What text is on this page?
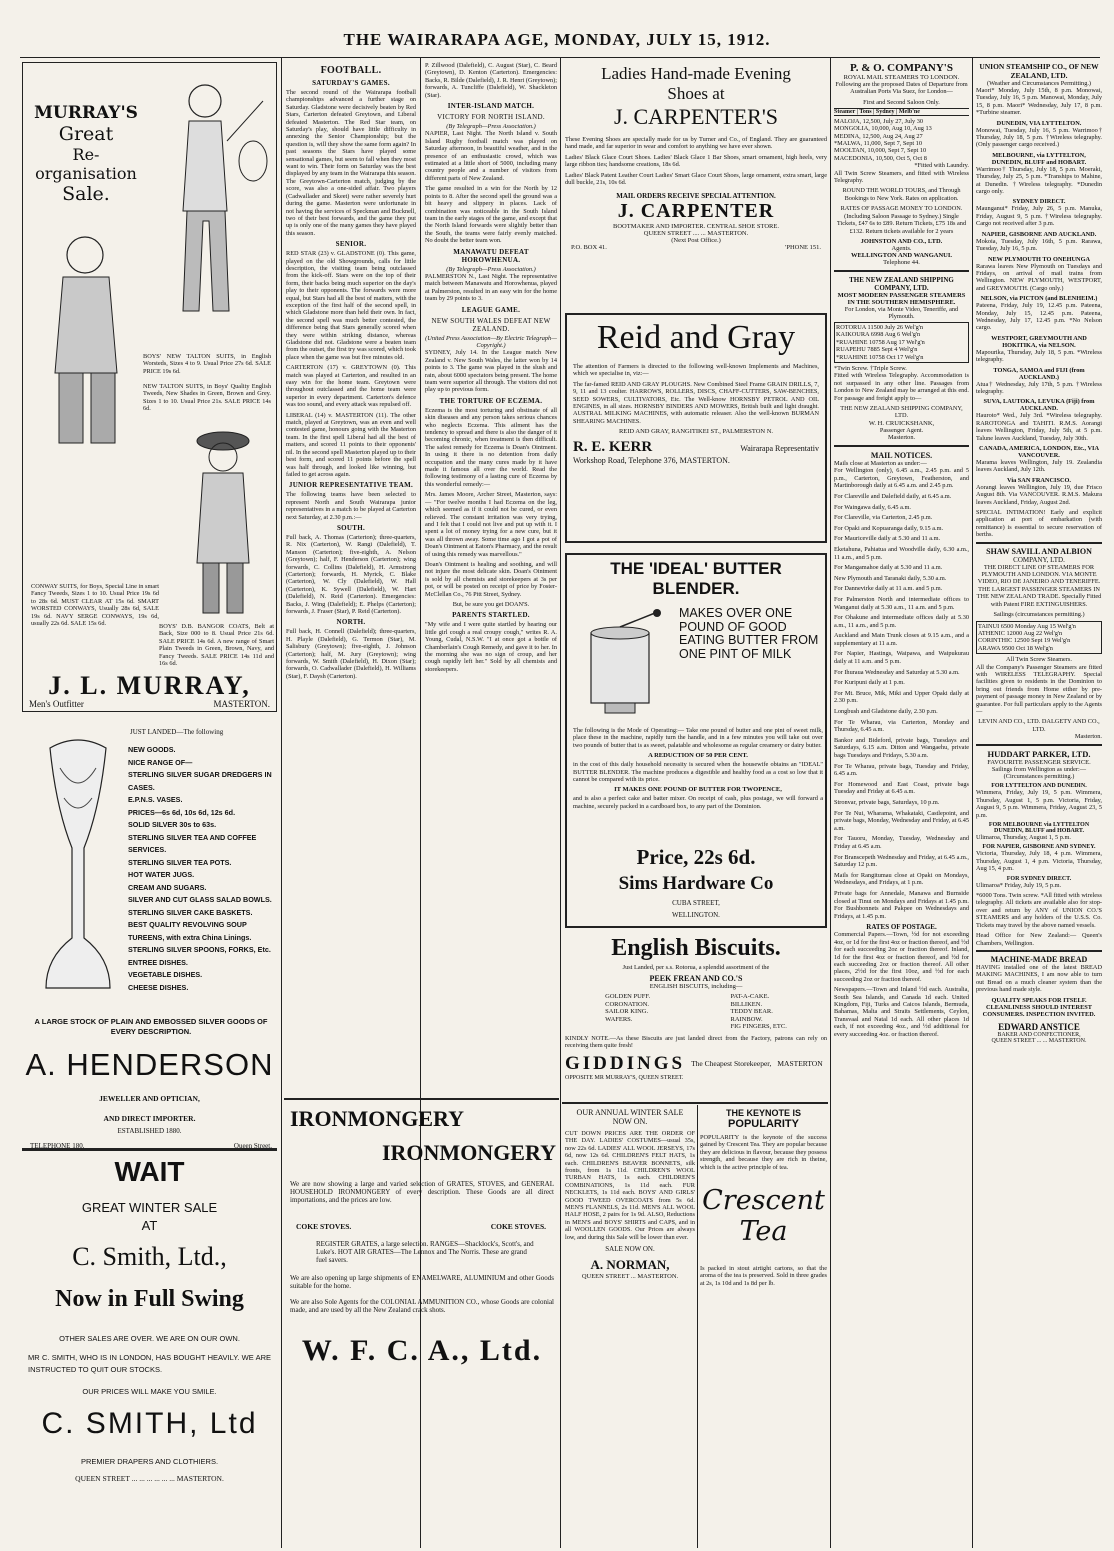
THE WAIRARAPA AGE, MONDAY, JULY 15, 1912.
MURRAY'S
Great
Re-organisation
Sale.
BOYS' NEW TALTON SUITS, in English Worsteds, Sizes 4 to 9. Usual Price 27s 6d. SALE PRICE 19s 6d.
NEW TALTON SUITS, in Boys' Quality English Tweeds, New Shades in Green, Brown and Grey. Sizes 1 to 10. Usual Price 21s. SALE PRICE 14s 6d.
CONWAY SUITS, for Boys, Special Line in smart Fancy Tweeds, Sizes 1 to 10. Usual Price 19s 6d to 28s 6d. MUST CLEAR AT 15s 6d. SMART WORSTED CONWAYS, Usually 28s 6d, SALE 19s 6d. NAVY SERGE CONWAYS, 19s 6d, usually 22s 6d. SALE 15s 6d.	BOYS' D.B. BANGOR COATS, Belt at Back, Size 000 to 8. Usual Price 21s 6d. SALE PRICE 14s 6d. A new range of Smart Plain Tweeds in Green, Brown, Navy, and Fancy Tweeds. SALE PRICE 14s 11d and 16s 6d.
J. L. MURRAY,
Men's Outfitter	MASTERTON.
JUST LANDED—The following
NEW GOODS.
NICE RANGE OF—
STERLING SILVER SUGAR DREDGERS IN CASES.
E.P.N.S. VASES.
PRICES—6s 6d, 10s 6d, 12s 6d.
SOLID SILVER 30s to 63s.
STERLING SILVER TEA AND COFFEE SERVICES.
STERLING SILVER TEA POTS.
HOT WATER JUGS.
CREAM AND SUGARS.
SILVER AND CUT GLASS SALAD BOWLS.
STERLING SILVER CAKE BASKETS.
BEST QUALITY REVOLVING SOUP TUREENS, with extra China Linings.
STERLING SILVER SPOONS, FORKS, Etc.
ENTREE DISHES.
VEGETABLE DISHES.
CHEESE DISHES.
A LARGE STOCK OF PLAIN AND EMBOSSED SILVER GOODS OF EVERY DESCRIPTION.
A. HENDERSON
JEWELLER AND OPTICIAN,
AND DIRECT IMPORTER.
ESTABLISHED 1880.
TELEPHONE 180.	Queen Street.
WAIT
GREAT WINTER SALE
AT
C. Smith, Ltd.,
Now in Full Swing
OTHER SALES ARE OVER. WE ARE ON OUR OWN.
MR C. SMITH, WHO IS IN LONDON, HAS BOUGHT HEAVILY. WE ARE INSTRUCTED TO QUIT OUR STOCKS.
OUR PRICES WILL MAKE YOU SMILE.
C. SMITH, Ltd
PREMIER DRAPERS AND CLOTHIERS.
QUEEN STREET ... ... ... ... ... ... MASTERTON.
FOOTBALL.
SATURDAY'S GAMES.

The second round of the Wairarapa football championships advanced a further stage on Saturday. Gladstone were decisively beaten by Red Stars, Carterton defeated Greytown, and Liberal defeated Masterton. The Red Star team, on Saturday's play, should have little difficulty in annexing the Senior Championship; but the question is, will they show the same form again? In past seasons the Stars have played some sensational games, but seem to fall when they most want to win. Their form on Saturday was the best displayed by any team in the Wairarapa this season. The Greytown-Carterton match, judging by the score, was also a one-sided affair. Two players (Cadwallader and Skeet) were rather severely hurt during the game. Masterton were unfortunate in not having the services of Speckman and Bucknell, two of their best forwards, and the game they put up is only one of the many games they have played this season.

SENIOR.

RED STAR (23) v. GLADSTONE (0). This game, played on the old Showgrounds, calls for little description, the visiting team being outclassed from the kick-off. Stars were on the top of their form, their backs being much superior on the day's play to their opponents. The forwards were more equal, but Stars had all the best of matters, with the exception of the first half of the second spell, in which Gladstone more than held their own. In fact, the second spell was much better contested, the difference being that Stars generally scored when they were within striking distance, whereas Gladstone did not. Gladstone were a beaten team from the outset, the first try was scored, which took place when the game was but five minutes old.

CARTERTON (17) v. GREYTOWN (0). This match was played at Carterton, and resulted in an easy win for the home team. Greytown were throughout outclassed and the home team were superior in every department. Carterton's defence was too sound, and every attack was repulsed off.

LIBERAL (14) v. MASTERTON (11). The other match, played at Greytown, was an even and well contested game, honours going with the Masterton team. In the first spell Liberal had all the best of matters, and scored 11 points to their opponents' nil. In the second spell Masterton played up to their best form, and scored 11 points before the spell was half through, and looked like winning, but failed to get across again.

JUNIOR REPRESENTATIVE TEAM.

The following teams have been selected to represent North and South Wairarapa junior representatives in a match to be played at Carterton next Saturday, at 2.30 p.m.:—

SOUTH.

Full back, A. Thomas (Carterton); three-quarters, R. Nix (Carterton), W. Rangi (Dalefield), T. Manson (Carterton); five-eighth, A. Nelson (Greytown); half, F. Henderson (Carterton); wing forwards, C. Collins (Dalefield), H. Armstrong (Carterton); forwards, H. Myrick, C. Blake (Carterton), W. Cly (Dalefield), W. Hall (Carterton), K. Sywell (Dalefield), W. Hart (Dalefield), N. Reid (Carterton). Emergencies: Backs, J. Wing (Dalefield); E. Phelps (Carterton); forwards, J. Fraser (Star), P. Reid (Carterton).

NORTH.

Full back, H. Connell (Dalefield); three-quarters, H. Playle (Dalefield), G. Termon (Star), M. Salisbury (Greytown); five-eighth, J. Johnson (Carterton); half, M. Jury (Greytown); wing forwards, W. Smith (Dalefield), H. Dixon (Star); forwards, O. Cadwallader (Dalefield), H. Williams (Star), F. Daysh (Carterton).

P. Zillwood (Dalefield), C. August (Star), C. Beard (Greytown), D. Kenton (Carterton). Emergencies: Backs, R. Bilde (Dalefield), J. R. Henri (Greytown); forwards, A. Tuncliffe (Dalefield), W. Shackleton (Star).

INTER-ISLAND MATCH.
VICTORY FOR NORTH ISLAND.
(By Telegraph—Press Association.)

NAPIER, Last Night. The North Island v. South Island Rugby football match was played on Saturday afternoon, in beautiful weather, and in the presence of an enthusiastic crowd, which was estimated at a little short of 5000, including many country people and a number of visitors from different parts of New Zealand.

The game resulted in a win for the North by 12 points to 8. After the second spell the ground was a bit heavy and slippery in places. Lack of combination was noticeable in the South Island team in the early stages of the game, and except that the North Island forwards were slightly better than the South, the teams were fairly evenly matched. No doubt the better team won.

MANAWATU DEFEAT HOROWHENUA.
(By Telegraph—Press Association.)

PALMERSTON N., Last Night. The representative match between Manawatu and Horowhenua, played at Palmerston, resulted in an easy win for the home team by 29 points to 3.

LEAGUE GAME.
NEW SOUTH WALES DEFEAT NEW ZEALAND.
(United Press Association—By Electric Telegraph—Copyright.)

SYDNEY, July 14. In the League match New Zealand v. New South Wales, the latter won by 14 points to 3. The game was played in the slush and rain, about 6000 spectators being present. The home team were superior all through. The visitors did not play up to previous form.

THE TORTURE OF ECZEMA.

Eczema is the most torturing and obstinate of all skin diseases and any person takes serious chances who neglects Eczema. This ailment has the tendency to spread and there is also the danger of it becoming chronic, when treatment is then difficult. The safest remedy for Eczema is Doan's Ointment. In using it there is no detention from daily occupation and the many cures made by it have made it famous all over the world. Read the following testimony of a lasting cure of Eczema by this wonderful remedy:—

Mrs. James Moore, Archer Street, Masterton, says:— "For twelve months I had Eczema on the leg, which seemed as if it could not be cured, or even relieved. The constant irritation was very trying, and I felt that I could not live and put up with it. I spent a lot of money trying for a new cure, but it was all thrown away. Some time ago I got a pot of Doan's Ointment at Eaton's Pharmacy, and the result of using this remedy was marvellous."

Doan's Ointment is healing and soothing, and will not injure the most delicate skin. Doan's Ointment is sold by all chemists and storekeepers at 3s per pot, or will be posted on receipt of price by Foster-McClellan Co., 76 Pitt Street, Sydney.

But, be sure you get DOAN'S.

PARENTS STARTLED.

"My wife and I were quite startled by hearing our little girl cough a real croupy cough," writes R. A. Young, Cudal, N.S.W. "I at once got a bottle of Chamberlain's Cough Remedy, and gave it to her. In the morning she was no sign of croup, and her cough rapidly left her." Sold by all chemists and storekeepers.

IRONMONGERY
IRONMONGERY
We are now showing a large and varied selection of GRATES, STOVES, and GENERAL HOUSEHOLD IRONMONGERY of every description. These Goods are all direct importations, and the prices are low.
COKE STOVES.	COKE STOVES.
REGISTER GRATES, a large selection. RANGES—Shacklock's, Scott's, and Luke's. HOT AIR GRATES—The Lennox and The Norris. These are grand fuel savers.
We are also opening up large shipments of ENAMELWARE, ALUMINIUM and other Goods suitable for the home.
We are also Sole Agents for the COLONIAL AMMUNITION CO., whose Goods are colonial made, and are used by all the New Zealand crack shots.
W. F. C. A., Ltd.
Ladies Hand-made Evening
Shoes at
J. CARPENTER'S

These Evening Shoes are specially made for us by Turner and Co., of England. They are guaranteed hand made, and far superior in wear and comfort to anything we have ever shown.

Ladies' Black Glace Court Shoes. Ladies' Black Glace 1 Bar Shoes, smart ornament, high heels, very large ribbon ties; handsome creations, 18s 6d.

Ladies' Black Patent Leather Court Ladies' Smart Glace Court Shoes, large ornament, extra smart, large dull buckle, 21s, 10s 6d.

MAIL ORDERS RECEIVE SPECIAL ATTENTION.
J. CARPENTER
BOOTMAKER AND IMPORTER. CENTRAL SHOE STORE.
QUEEN STREET .... ... MASTERTON.
(Next Post Office.)
P.O. BOX 41.	'PHONE 151.
Reid and Gray

The attention of Farmers is directed to the following well-known Implements and Machines, which we specialise in, viz:—

The far-famed REID AND GRAY PLOUGHS. New Combined Steel Frame GRAIN DRILLS, 7, 9, 11 and 13 coulter. HARROWS, ROLLERS, DISCS, CHAFF-CUTTERS, SAW-BENCHES, SEED SOWERS, CULTIVATORS, Etc. The Well-know HORNSBY PETROL AND OIL ENGINES, in all sizes. HORNSBY BINDERS AND MOWERS, British built and light draught. AUSTRAL MILKING MACHINES, with automatic releaser. Also the well-known BURMAN SHEARING MACHINES.

REID AND GRAY, RANGITIKEI ST., PALMERSTON N.
R. E. KERR	Wairarapa Representativ
Workshop Road, Telephone 376, MASTERTON.
THE 'IDEAL' BUTTER
BLENDER.
MAKES OVER ONE POUND OF GOOD EATING BUTTER FROM ONE PINT OF MILK

The following is the Mode of Operating:— Take one pound of butter and one pint of sweet milk, place these in the machine, rapidly turn the handle, and in a few minutes you will take out over two pounds of butter that is as sweet, palatable and wholesome as regular creamery or dairy butter.

A REDUCTION OF 50 PER CENT.

in the cost of this daily household necessity is secured when the housewife obtains an "IDEAL" BUTTER BLENDER. The machine produces a digestible and healthy food as a cost so low that it cannot be compared with its price.

IT MAKES ONE POUND OF BUTTER FOR TWOPENCE,

and is also a perfect cake and batter mixer. On receipt of cash, plus postage, we will forward a machine, securely packed in a cardboard box, to any part of the Dominion.

Price, 22s 6d.
Sims Hardware Co
CUBA STREET,
WELLINGTON.
English Biscuits.

Just Landed, per s.s. Rotorua, a splendid assortment of the

PEEK FREAN AND CO.'S
ENGLISH BISCUITS, including—
GOLDEN PUFF.
CORONATION.
SAILOR KING.
WAFERS.
PAT-A-CAKE.
BILLIKEN.
TEDDY BEAR.
RAINBOW.
FIG FINGERS, ETC.

KINDLY NOTE.—As these Biscuits are just landed direct from the Factory, patrons can rely on receiving them quite fresh!

GIDDINGS The Cheapest Storekeeper, MASTERTON
OPPOSITE MR MURRAY'S, QUEEN STREET.
OUR ANNUAL WINTER SALE
NOW ON.

CUT DOWN PRICES ARE THE ORDER OF THE DAY. LADIES' COSTUMES—usual 35s, now 22s 6d. LADIES' ALL WOOL JERSEYS, 17s 6d, now 12s 6d. CHILDREN'S FELT HATS, 1s each. CHILDREN'S BEAVER BONNETS, silk fronts, from 1s 11d. CHILDREN'S WOOL TURBAN HATS, 1s each. CHILDREN'S COMBINATIONS, 1s 11d each. FUR NECKLETS, 1s 11d each. BOYS' AND GIRLS' GOOD TWEED OVERCOATS from 5s 6d. MEN'S FLANNELS, 2s 11d. MEN'S ALL WOOL HALF HOSE, 2 pairs for 1s 9d. ALSO, Reductions in MEN'S and BOYS' SHIRTS and CAPS, and in all WOOLLEN GOODS. Our Prices are always low, and during this Sale will be lower than ever.

SALE NOW ON.
A. NORMAN,
QUEEN STREET ... MASTERTON.
THE KEYNOTE IS
POPULARITY

POPULARITY is the keynote of the success gained by Crescent Tea. They are popular because they are delicious in flavour, because they possess strength, and because they are rich in theine, which is the active principle of tea.

Crescent
Tea

Is packed in stout airtight cartons, so that the aroma of the tea is preserved. Sold in three grades at 2s, 1s 10d and 1s 8d per lb.

P. & O. COMPANY'S
ROYAL MAIL STEAMERS TO LONDON.

Following are the proposed Dates of Departure from Australian Ports Via Suez, for London—

First and Second Saloon Only.
Steamer | Tons | Sydney | Melb'ne
MALOJA, 12,500, July 27, July 30
MONGOLIA, 10,000, Aug 10, Aug 13
MEDINA, 12,500, Aug 24, Aug 27
*MALWA, 11,000, Sept 7, Sept 10
MOOLTAN, 10,000, Sept 7, Sept 10
MACEDONIA, 10,500, Oct 5, Oct 8
*Fitted with Laundry.

All Twin Screw Steamers, and fitted with Wireless Telegraphy.

ROUND THE WORLD TOURS, and Through Bookings to New York. Rates on application.

RATES OF PASSAGE MONEY TO LONDON. (Including Saloon Passage to Sydney.) Single Tickets, £47 6s to £89. Return Tickets, £75 18s and £132. Return tickets available for 2 years

JOHNSTON AND CO., LTD.
Agents.
WELLINGTON AND WANGANUI.
Telephone 44.
THE NEW ZEALAND SHIPPING COMPANY, LTD.
MOST MODERN PASSENGER STEAMERS IN THE SOUTHERN HEMISPHERE.
For London, via Monte Video, Teneriffe, and Plymouth.
ROTORUA 11500 July 26 Wel'g'n
KAIKOURA 6998 Aug 6 Wel'g'n
*RUAHINE 10758 Aug 17 Wel'g'n
RUAPEHU 7885 Sept 4 Wel'g'n
*RUAHINE 10758 Oct 17 Wel'g'n
*Twin Screw. †Triple Screw.

Fitted with Wireless Telegraphy. Accommodation is not surpassed in any other line. Passages from London to New Zealand may be arranged at this end. For passage and freight apply to—

THE NEW ZEALAND SHIPPING COMPANY, LTD.
W. H. CRUICKSHANK,
Passenger Agent.
Masterton.
MAIL NOTICES.
Mails close at Masterton as under:—

For Wellington (only), 6.45 a.m., 2.45 p.m. and 5 p.m., Carterton, Greytown, Featherston, and Martinborough daily at 6.45 a.m. and 2.45 p.m.

For Clareville and Dalefield daily, at 6.45 a.m.

For Waingawa daily, 6.45 a.m.

For Clareville, via Carterton, 2.45 p.m.

For Opaki and Kopuaranga daily, 9.15 a.m.

For Mauriceville daily at 5.30 and 11 a.m.

Eketahuna, Pahiatua and Woodville daily, 6.30 a.m., 11 a.m., and 5 p.m.

For Mangamahoe daily at 5.30 and 11 a.m.

New Plymouth and Taranaki daily, 5.30 a.m.

For Dannevirke daily at 11 a.m. and 5 p.m.

For Palmerston North and intermediate offices to Wanganui daily at 5.30 a.m., 11 a.m. and 5 p.m.

For Ohakune and intermediate offices daily at 5.30 a.m., 11 a.m., and 5 p.m.

Auckland and Main Trunk closes at 9.15 a.m., and a supplementary at 11 a.m.

For Napier, Hastings, Waipawa, and Waipukurau daily at 11 a.m. and 5 p.m.

For Ihuraua Wednesday and Saturday at 5.30 a.m.

For Kuripuni daily at 1 p.m.

For Mt. Bruce, Mik, Miki and Upper Opaki daily at 2.30 p.m.

Longbush and Gladstone daily, 2.30 p.m.

For Te Wharau, via Carterton, Monday and Thursday, 6.45 a.m.

Bankor and Bideford, private bags, Tuesdays and Saturdays, 6.15 a.m. Ditton and Wangaehu, private bags Tuesdays and Fridays, 5.30 a.m.

For Te Wharau, private bags, Tuesday and Friday, 6.45 a.m.

For Homewood and East Coast, private bags Tuesday and Friday at 6.45 a.m.

Stronvar, private bags, Saturdays, 10 p.m.

For Te Nui, Wharama, Whakataki, Castlepoint, and private bags, Monday, Wednesday and Friday, at 6.45 a.m.

For Tauoru, Monday, Tuesday, Wednesday and Friday at 6.45 a.m.

For Branscepeth Wednesday and Friday, at 6.45 a.m., Saturday 12 p.m.

Mails for Rangitumau close at Opaki on Mondays, Wednesdays, and Fridays, at 1 p.m.

Private bags for Annedale, Manawa and Burnside closed at Tinui on Mondays and Fridays at 1.45 p.m. For Bushbonnets and Pakpee on Wednesdays and Fridays, at 1.45 p.m.

RATES OF POSTAGE.

Commercial Papers.—Town, ½d for not exceeding 4oz, or 1d for the first 4oz or fraction thereof, and ½d for each succeeding 2oz or fraction thereof. Inland, 1d for the first 4oz or fraction thereof, and ½d for each succeeding 2oz or fraction thereof. All other places, 2½d for the first 10oz, and ½d for each succeeding 2oz or fraction thereof.

Newspapers.—Town and Inland ½d each. Australia, South Sea Islands, and Canada 1d each. United Kingdom, Fiji, Turks and Caicos Islands, Bermuda, Bahamas, Malta and Straits Settlements, Ceylon, Transvaal and Natal 1d each. All other places 1d each, if not exceeding 4oz., and ½d additional for every succeeding 4oz. or fraction thereof.

UNION STEAMSHIP CO., OF NEW ZEALAND, LTD.
(Weather and Circumstances Permitting.)

Maori* Monday, July 15th, 8 p.m. Monowai, Tuesday, July 16, 5 p.m. Manowai, Monday, July 15, 8 p.m. Maori* Wednesday, July 17, 8 p.m. *Turbine steamer.

DUNEDIN, VIA LYTTELTON.

Monowai, Tuesday, July 16, 5 p.m. Warrimoo† Thursday, July 18, 5 p.m. †Wireless telegraphy. (Only passenger cargo received.)

MELBOURNE, via LYTTELTON, DUNEDIN, BLUFF and HOBART.

Warrimoo† Thursday, July 18, 5 p.m. Moeraki, Thursday, July 25, 5 p.m. *Tranships to Mahine, at Dunedin. †Wireless telegraphy. *Dunedin cargo only.

SYDNEY DIRECT.

Maunganui* Friday, July 26, 5 p.m. Manuka, Friday, August 9, 5 p.m. †Wireless telegraphy. Cargo not received after 3 p.m.

NAPIER, GISBORNE AND AUCKLAND.

Mokoia, Tuesday, July 16th, 5 p.m. Rarawa, Tuesday, July 16, 5 p.m.

NEW PLYMOUTH TO ONEHUNGA

Rarawa leaves New Plymouth on Tuesdays and Fridays, on arrival of mail trains from Wellington. NEW PLYMOUTH, WESTPORT, and GREYMOUTH. (Cargo only.)

NELSON, via PICTON (and BLENHEIM.)

Pateena, Friday, July 19, 12.45 p.m. Pateena, Monday, July 15, 12.45 p.m. Pateena, Wednesday, July 17, 12.45 p.m. *No Nelson cargo.

WESTPORT, GREYMOUTH AND HOKITIKA, via NELSON.

Mapourika, Thursday, July 18, 5 p.m. *Wireless telegraphy.

TONGA, SAMOA and FIJI (from AUCKLAND.)

Atua† Wednesday, July 17th, 5 p.m. †Wireless telegraphy.

SUVA, LAUTOKA, LEVUKA (Fiji) from AUCKLAND.

Hauroto* Wed., July 3rd. *Wireless telegraphy. RAROTONGA and TAHITI. R.M.S. Aorangi leaves Wellington, Friday, July 5th, at 5 p.m. Talune leaves Auckland, Tuesday, July 30th.

CANADA, AMERICA, LONDON, Etc., VIA VANCOUVER.

Marama leaves Wellington, July 19. Zealandia leaves Auckland, July 12th.

Via SAN FRANCISCO.

Aorangi leaves Wellington, July 19, due Frisco August 8th. Via VANCOUVER. R.M.S. Makura leaves Auckland, Friday, August 2nd.

SPECIAL INTIMATION! Early and explicit application at port of embarkation (with remittance) is essential to secure reservation of berths.

SHAW SAVILL AND ALBION
COMPANY, LTD.

THE DIRECT LINE OF STEAMERS FOR PLYMOUTH AND LONDON. VIA MONTE VIDEO, RIO DE JANEIRO AND TENERIFFE. THE LARGEST PASSENGER STEAMERS IN THE NEW ZEALAND TRADE. Specially Fitted with Patent FIRE EXTINGUISHERS.

Sailings (circumstances permitting.)
TAINUI 6500 Monday Aug 15 Wel'g'n
ATHENIC 12000 Aug 22 Wel'g'n
CORINTHIC 12500 Sept 19 Wel'g'n
ARAWA 9500 Oct 18 Wel'g'n
All Twin Screw Steamers.

All the Company's Passenger Steamers are fitted with WIRELESS TELEGRAPHY. Special facilities given to residents in the Dominion to bring out friends from Home either by pre-payment of passage money in New Zealand or by guarantee. For full particulars apply to the Agents—

LEVIN AND CO., LTD. DALGETY AND CO., LTD.
Masterton.
HUDDART PARKER, LTD.
FAVOURITE PASSENGER SERVICE.

Sailings from Wellington as under:—(Circumstances permitting.)

FOR LYTTELTON AND DUNEDIN.

Wimmera, Friday, July 19, 5 p.m. Wimmera, Thursday, August 1, 5 p.m. Victoria, Friday, August 9, 5 p.m. Wimmera, Friday, August 23, 5 p.m.

FOR MELBOURNE via LYTTELTON DUNEDIN, BLUFF and HOBART.

Ulimaroa, Thursday, August 1, 5 p.m.

FOR NAPIER, GISBORNE AND SYDNEY.

Victoria, Thursday, July 18, 4 p.m. Wimmera, Thursday, August 1, 4 p.m. Victoria, Thursday, Aug 15, 4 p.m.

FOR SYDNEY DIRECT.

Ulimaroa* Friday, July 19, 5 p.m.

*6000 Tons. Twin screw. *All fitted with wireless telegraphy. All tickets are available also for stop-over and return by ANY of UNION CO.'S STEAMERS and any holders of the U.S.S. Co. Tickets may travel by the above named vessels.

Head Office for New Zealand:— Queen's Chambers, Wellington.

MACHINE-MADE BREAD

HAVING installed one of the latest BREAD MAKING MACHINES, I am now able to turn out Bread on a much cleaner system than the previous hand made style.

QUALITY SPEAKS FOR ITSELF. CLEANLINESS SHOULD INTEREST CONSUMERS. INSPECTION INVITED.

EDWARD ANSTICE
BAKER AND CONFECTIONER,
QUEEN STREET ... ... MASTERTON.
